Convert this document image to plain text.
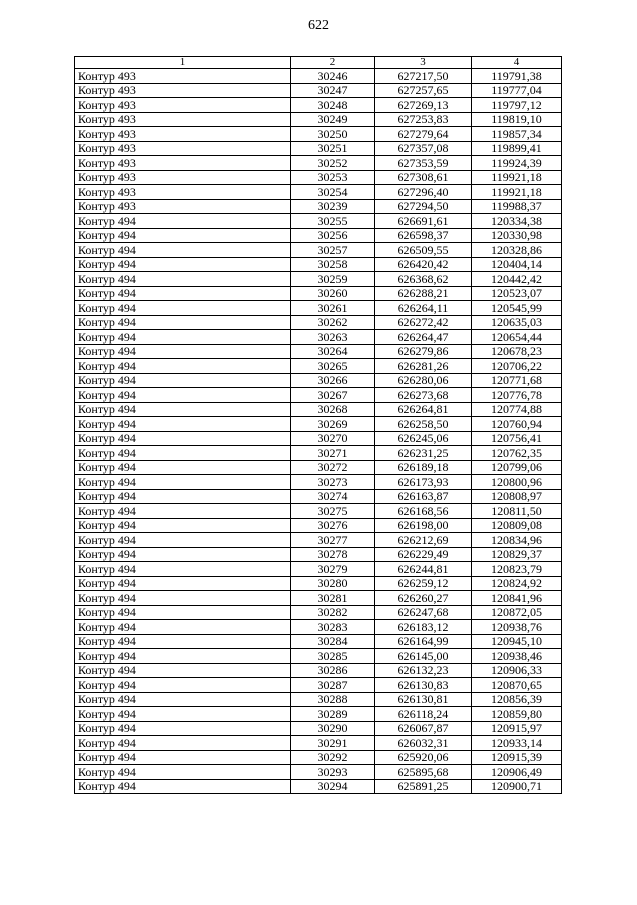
622
1	2	3	4
Контур 493	30246	627217,50	119791,38
Контур 493	30247	627257,65	119777,04
Контур 493	30248	627269,13	119797,12
Контур 493	30249	627253,83	119819,10
Контур 493	30250	627279,64	119857,34
Контур 493	30251	627357,08	119899,41
Контур 493	30252	627353,59	119924,39
Контур 493	30253	627308,61	119921,18
Контур 493	30254	627296,40	119921,18
Контур 493	30239	627294,50	119988,37
Контур 494	30255	626691,61	120334,38
Контур 494	30256	626598,37	120330,98
Контур 494	30257	626509,55	120328,86
Контур 494	30258	626420,42	120404,14
Контур 494	30259	626368,62	120442,42
Контур 494	30260	626288,21	120523,07
Контур 494	30261	626264,11	120545,99
Контур 494	30262	626272,42	120635,03
Контур 494	30263	626264,47	120654,44
Контур 494	30264	626279,86	120678,23
Контур 494	30265	626281,26	120706,22
Контур 494	30266	626280,06	120771,68
Контур 494	30267	626273,68	120776,78
Контур 494	30268	626264,81	120774,88
Контур 494	30269	626258,50	120760,94
Контур 494	30270	626245,06	120756,41
Контур 494	30271	626231,25	120762,35
Контур 494	30272	626189,18	120799,06
Контур 494	30273	626173,93	120800,96
Контур 494	30274	626163,87	120808,97
Контур 494	30275	626168,56	120811,50
Контур 494	30276	626198,00	120809,08
Контур 494	30277	626212,69	120834,96
Контур 494	30278	626229,49	120829,37
Контур 494	30279	626244,81	120823,79
Контур 494	30280	626259,12	120824,92
Контур 494	30281	626260,27	120841,96
Контур 494	30282	626247,68	120872,05
Контур 494	30283	626183,12	120938,76
Контур 494	30284	626164,99	120945,10
Контур 494	30285	626145,00	120938,46
Контур 494	30286	626132,23	120906,33
Контур 494	30287	626130,83	120870,65
Контур 494	30288	626130,81	120856,39
Контур 494	30289	626118,24	120859,80
Контур 494	30290	626067,87	120915,97
Контур 494	30291	626032,31	120933,14
Контур 494	30292	625920,06	120915,39
Контур 494	30293	625895,68	120906,49
Контур 494	30294	625891,25	120900,71
